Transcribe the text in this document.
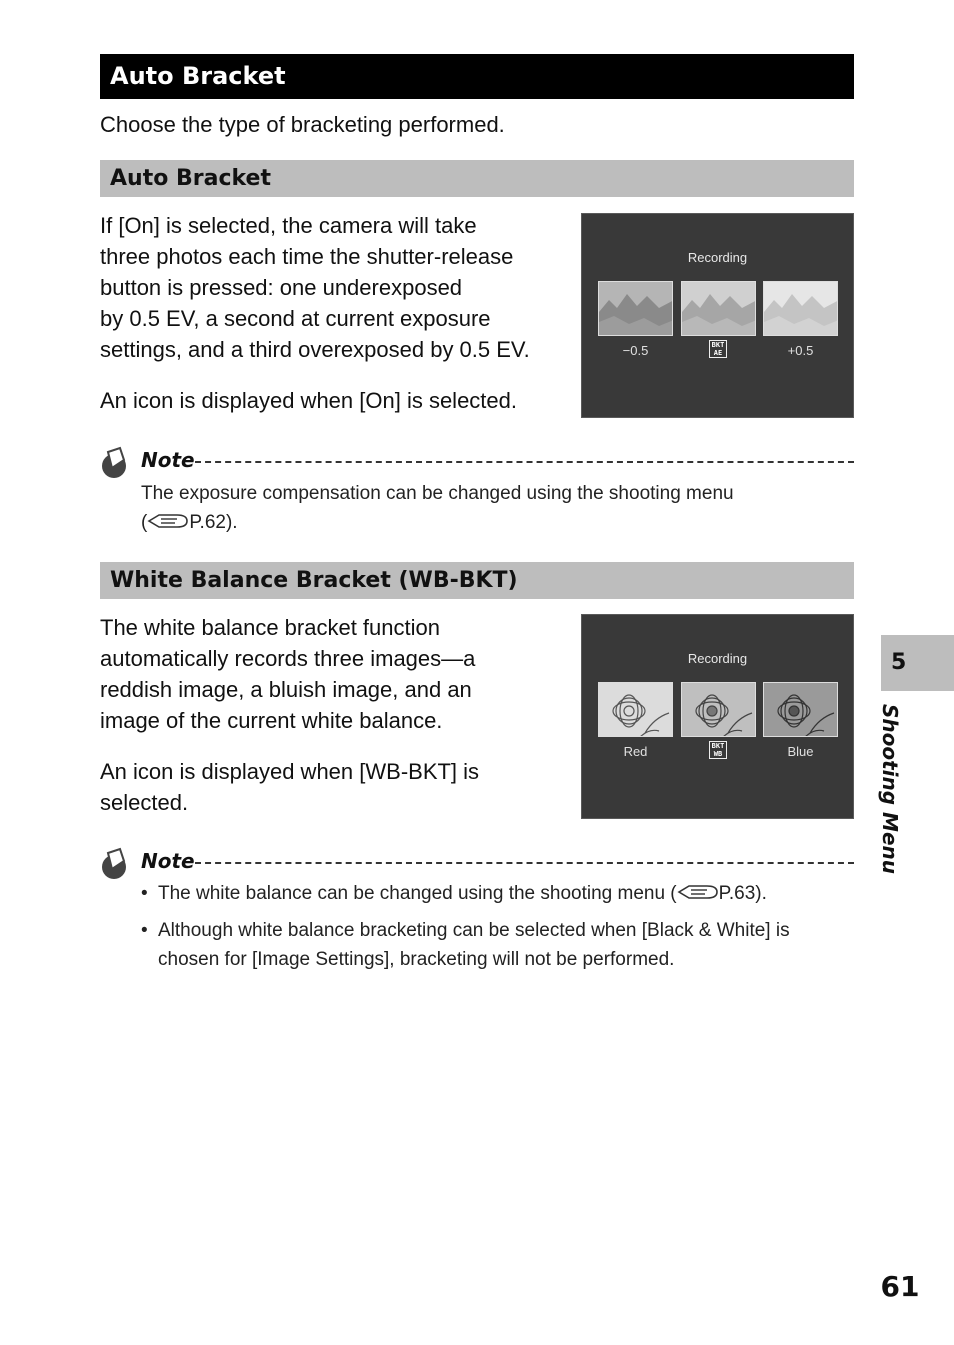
Auto Bracket
Choose the type of bracketing performed.
Auto Bracket
If [On] is selected, the camera will take
three photos each time the shutter-release
button is pressed: one underexposed
by 0.5 EV, a second at current exposure
settings, and a third overexposed by 0.5 EV.
An icon is displayed when [On] is selected.
Recording
−0.5	BKT
AE	+0.5
Note
The exposure compensation can be changed using the shooting menu
( P.62).
White Balance Bracket (WB-BKT)
The white balance bracket function
automatically records three images—a
reddish image, a bluish image, and an
image of the current white balance.
An icon is displayed when [WB-BKT] is
selected.
Recording
Red	BKT
WB	Blue
Note
• The white balance can be changed using the shooting menu ( P.63).
• Although white balance bracketing can be selected when [Black & White] is
chosen for [Image Settings], bracketing will not be performed.
5
Shooting Menu
61
